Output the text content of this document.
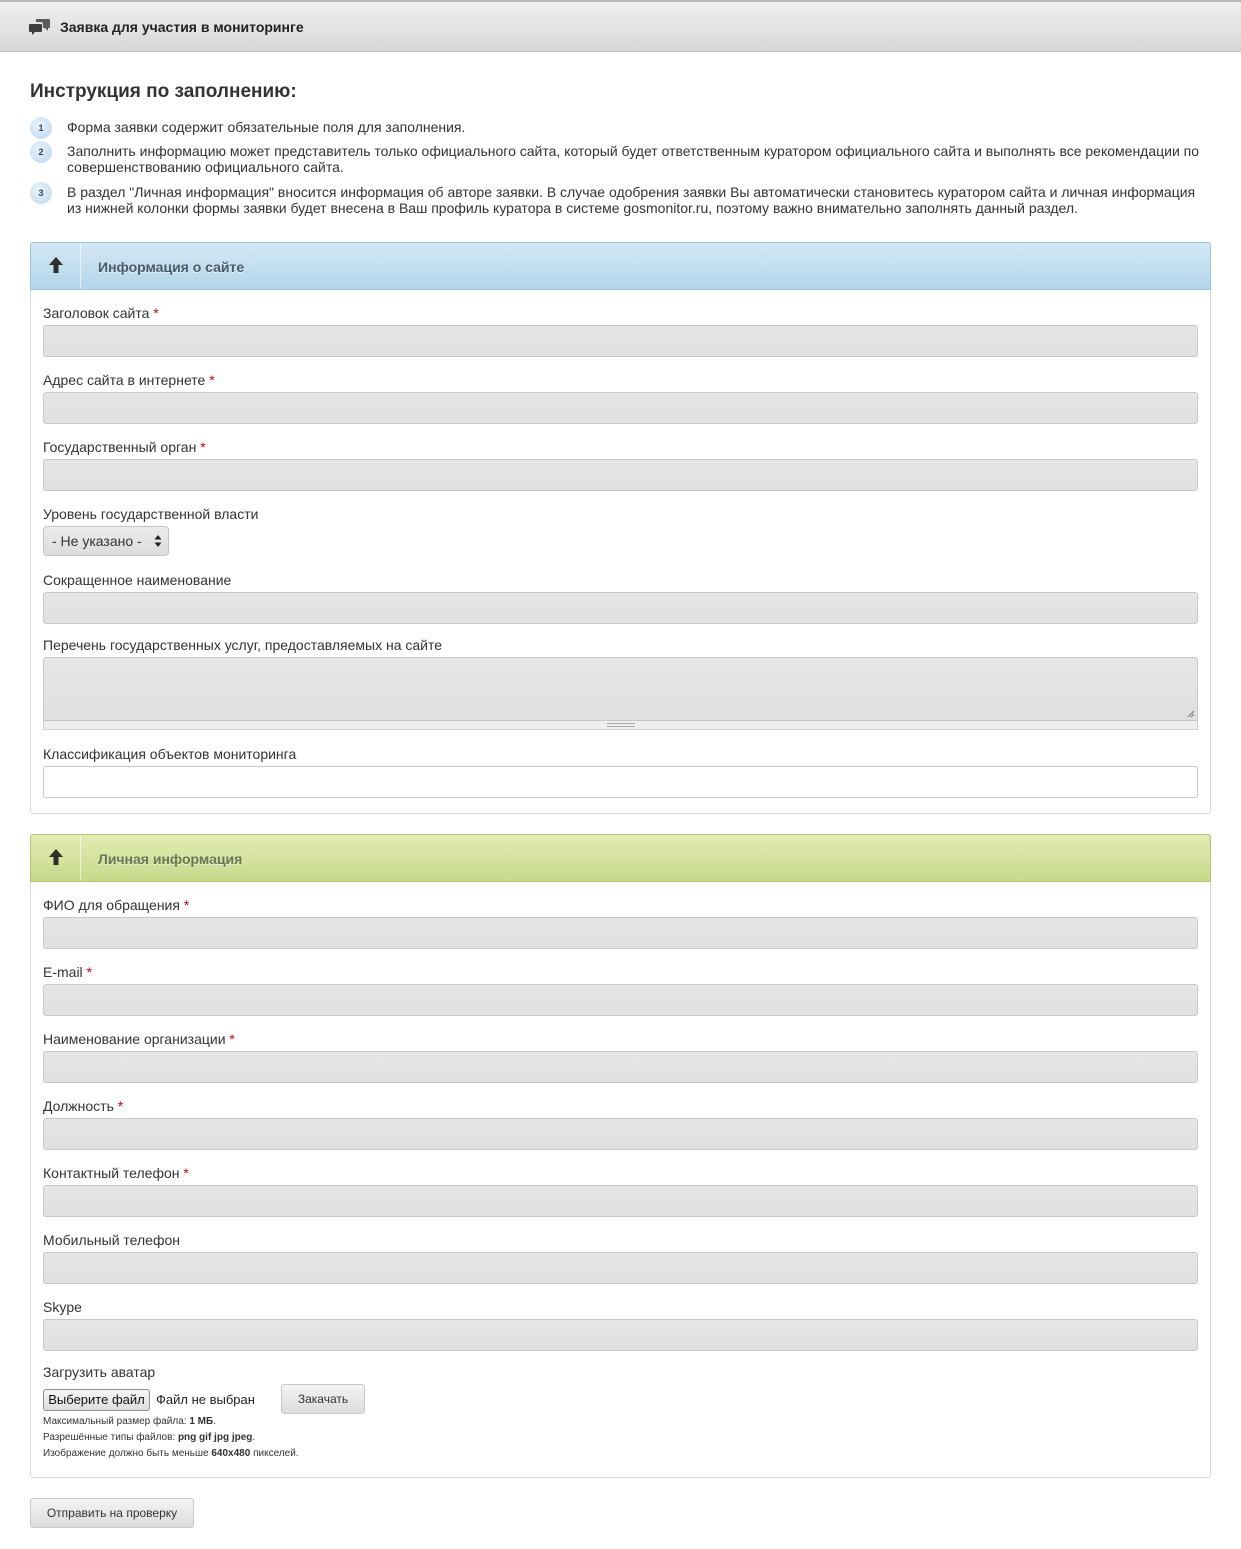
Заявка для участия в мониторинге
Инструкция по заполнению:
1	Форма заявки содержит обязательные поля для заполнения.
2	Заполнить информацию может представитель только официального сайта, который будет ответственным куратором официального сайта и выполнять все рекомендации по совершенствованию официального сайта.
3	В раздел "Личная информация" вносится информация об авторе заявки. В случае одобрения заявки Вы автоматически становитесь куратором сайта и личная информация из нижней колонки формы заявки будет внесена в Ваш профиль куратора в системе gosmonitor.ru, поэтому важно внимательно заполнять данный раздел.
Информация о сайте
Заголовок сайта *
Адрес сайта в интернете *
Государственный орган *
Уровень государственной власти
- Не указано -
Сокращенное наименование
Перечень государственных услуг, предоставляемых на сайте
Классификация объектов мониторинга
Личная информация
ФИО для обращения *
E-mail *
Наименование организации *
Должность *
Контактный телефон *
Мобильный телефон
Skype
Загрузить аватар
Выберите файл Файл не выбран	Закачать
Максимальный размер файла: 1 МБ.
Разрешённые типы файлов: png gif jpg jpeg.
Изображение должно быть меньше 640x480 пикселей.
Отправить на проверку
